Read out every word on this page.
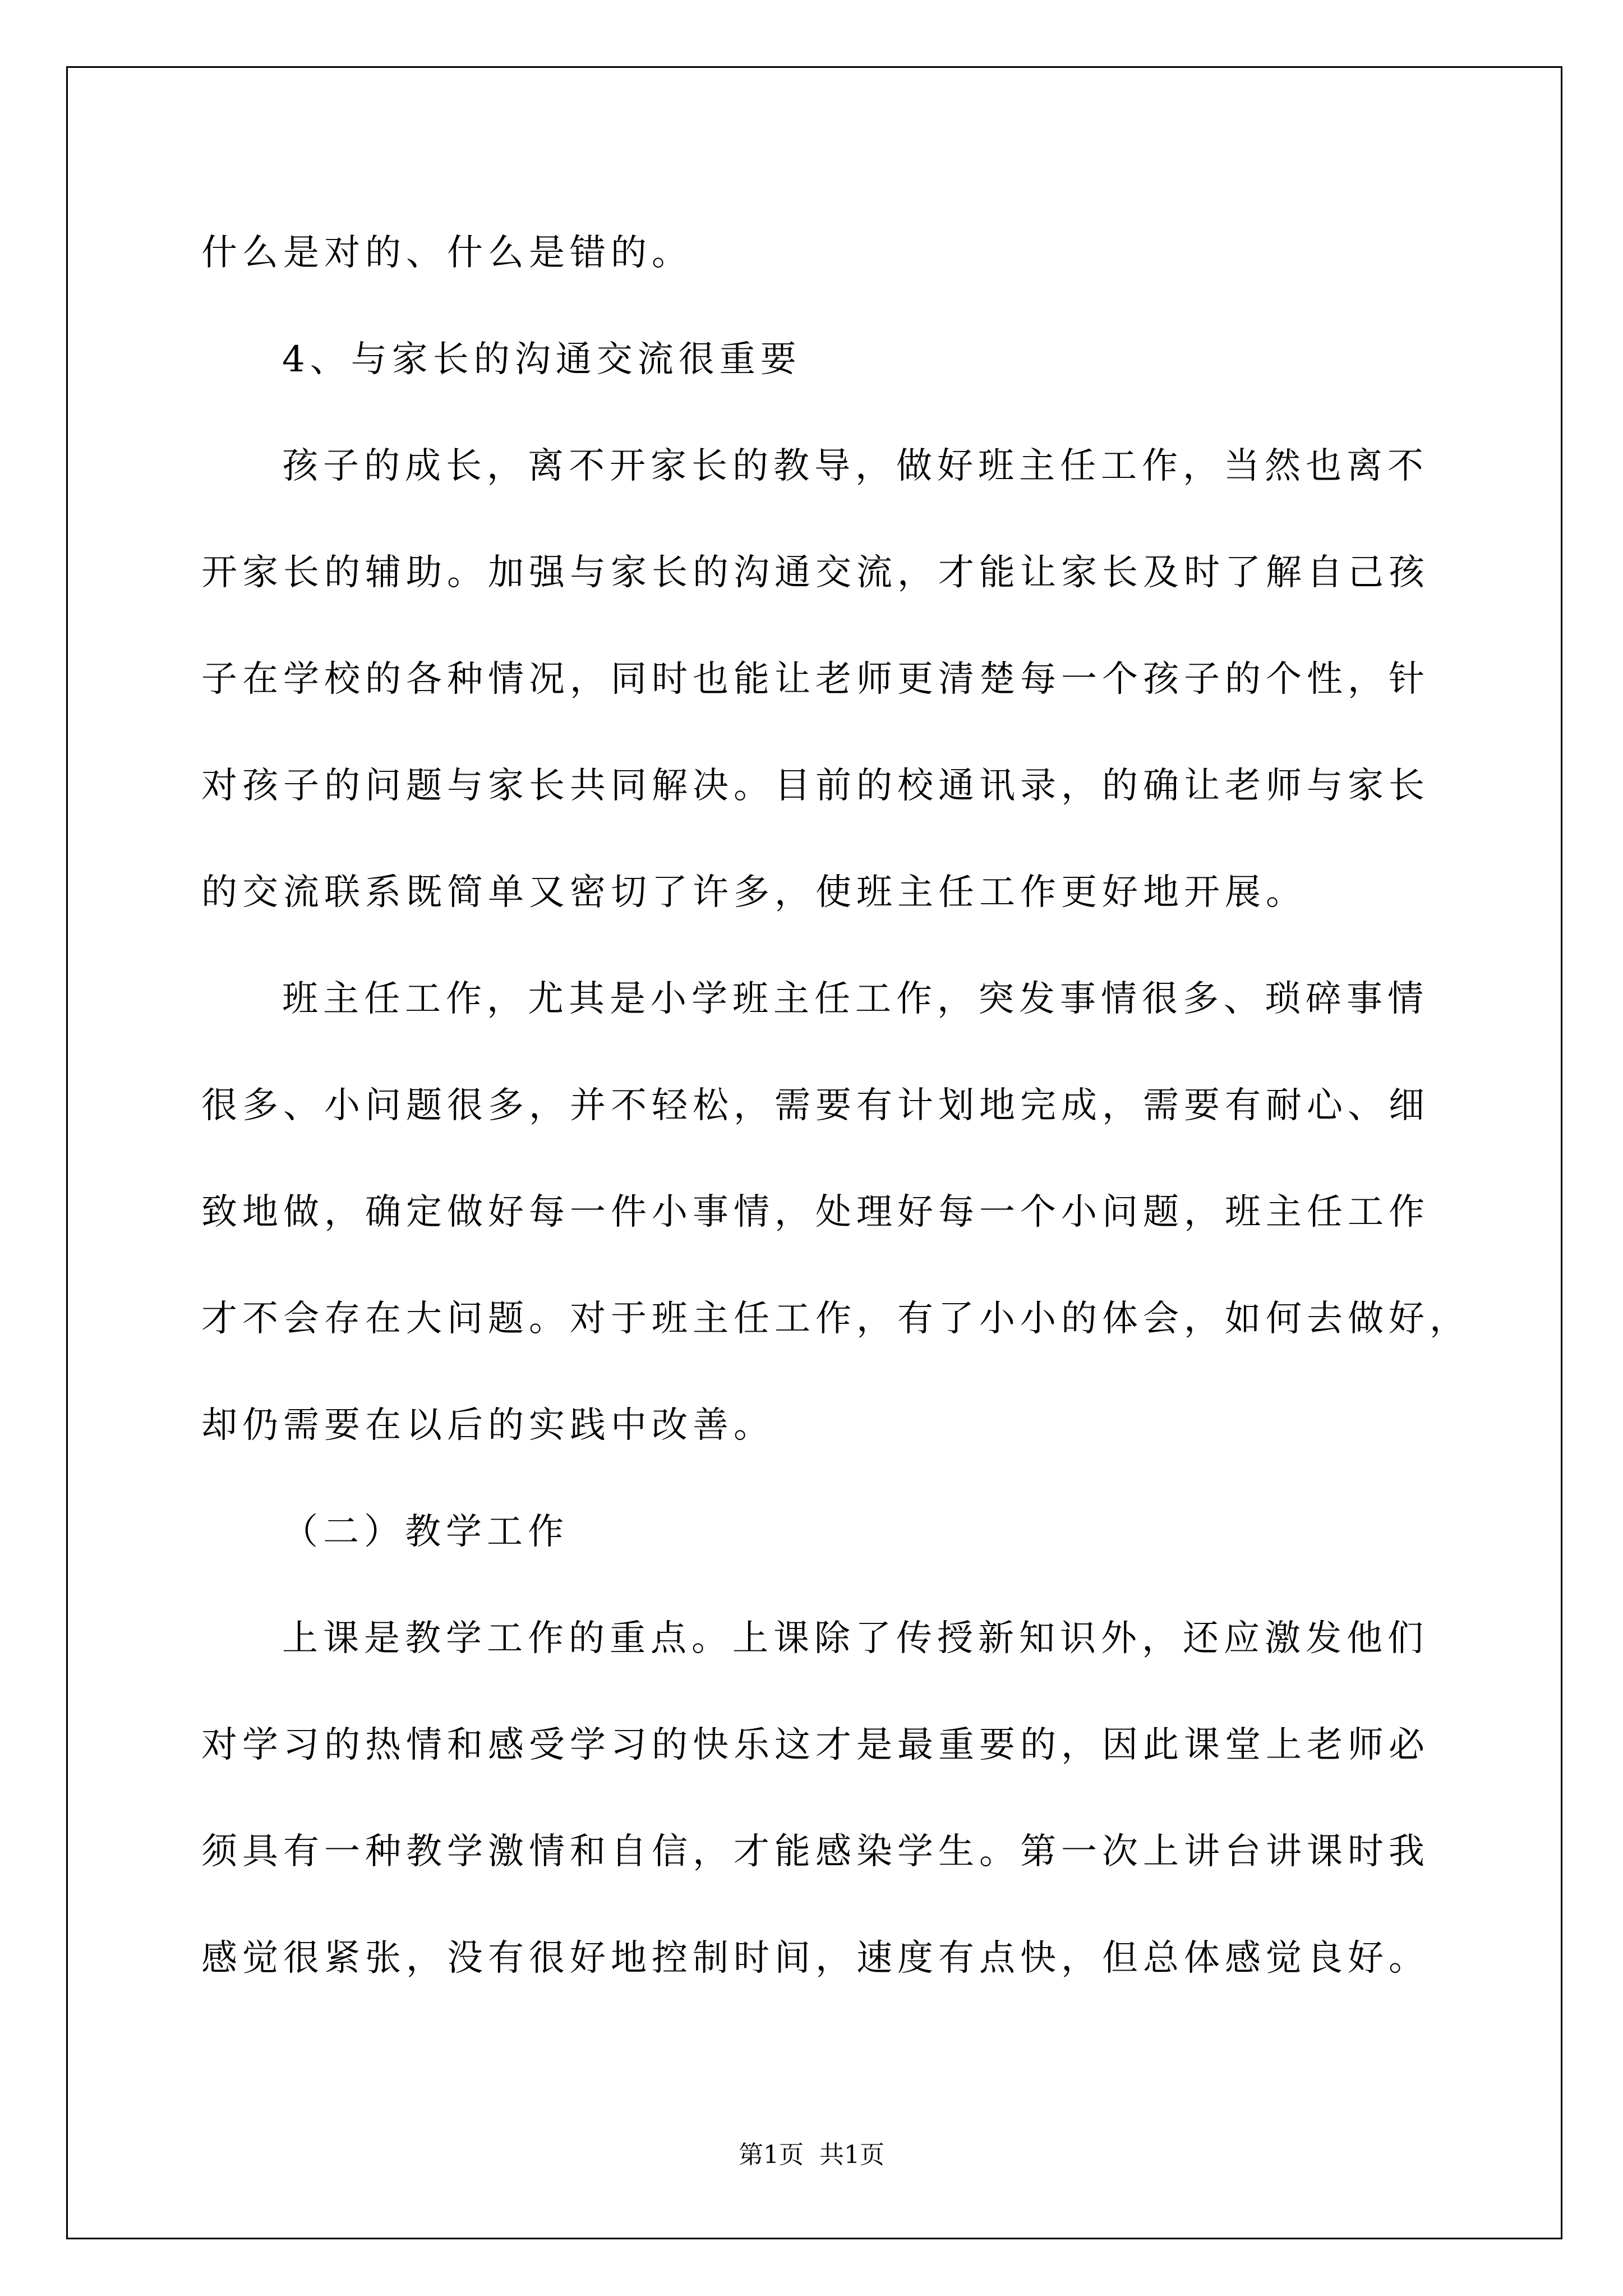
什么是对的、什么是错的。
4、与家长的沟通交流很重要
孩子的成长，离不开家长的教导，做好班主任工作，当然也离不
开家长的辅助。加强与家长的沟通交流，才能让家长及时了解自己孩
子在学校的各种情况，同时也能让老师更清楚每一个孩子的个性，针
对孩子的问题与家长共同解决。目前的校通讯录，的确让老师与家长
的交流联系既简单又密切了许多，使班主任工作更好地开展。
班主任工作，尤其是小学班主任工作，突发事情很多、琐碎事情
很多、小问题很多，并不轻松，需要有计划地完成，需要有耐心、细
致地做，确定做好每一件小事情，处理好每一个小问题，班主任工作
才不会存在大问题。对于班主任工作，有了小小的体会，如何去做好，
却仍需要在以后的实践中改善。
（二）教学工作
上课是教学工作的重点。上课除了传授新知识外，还应激发他们
对学习的热情和感受学习的快乐这才是最重要的，因此课堂上老师必
须具有一种教学激情和自信，才能感染学生。第一次上讲台讲课时我
感觉很紧张，没有很好地控制时间，速度有点快，但总体感觉良好。
第1页  共1页
